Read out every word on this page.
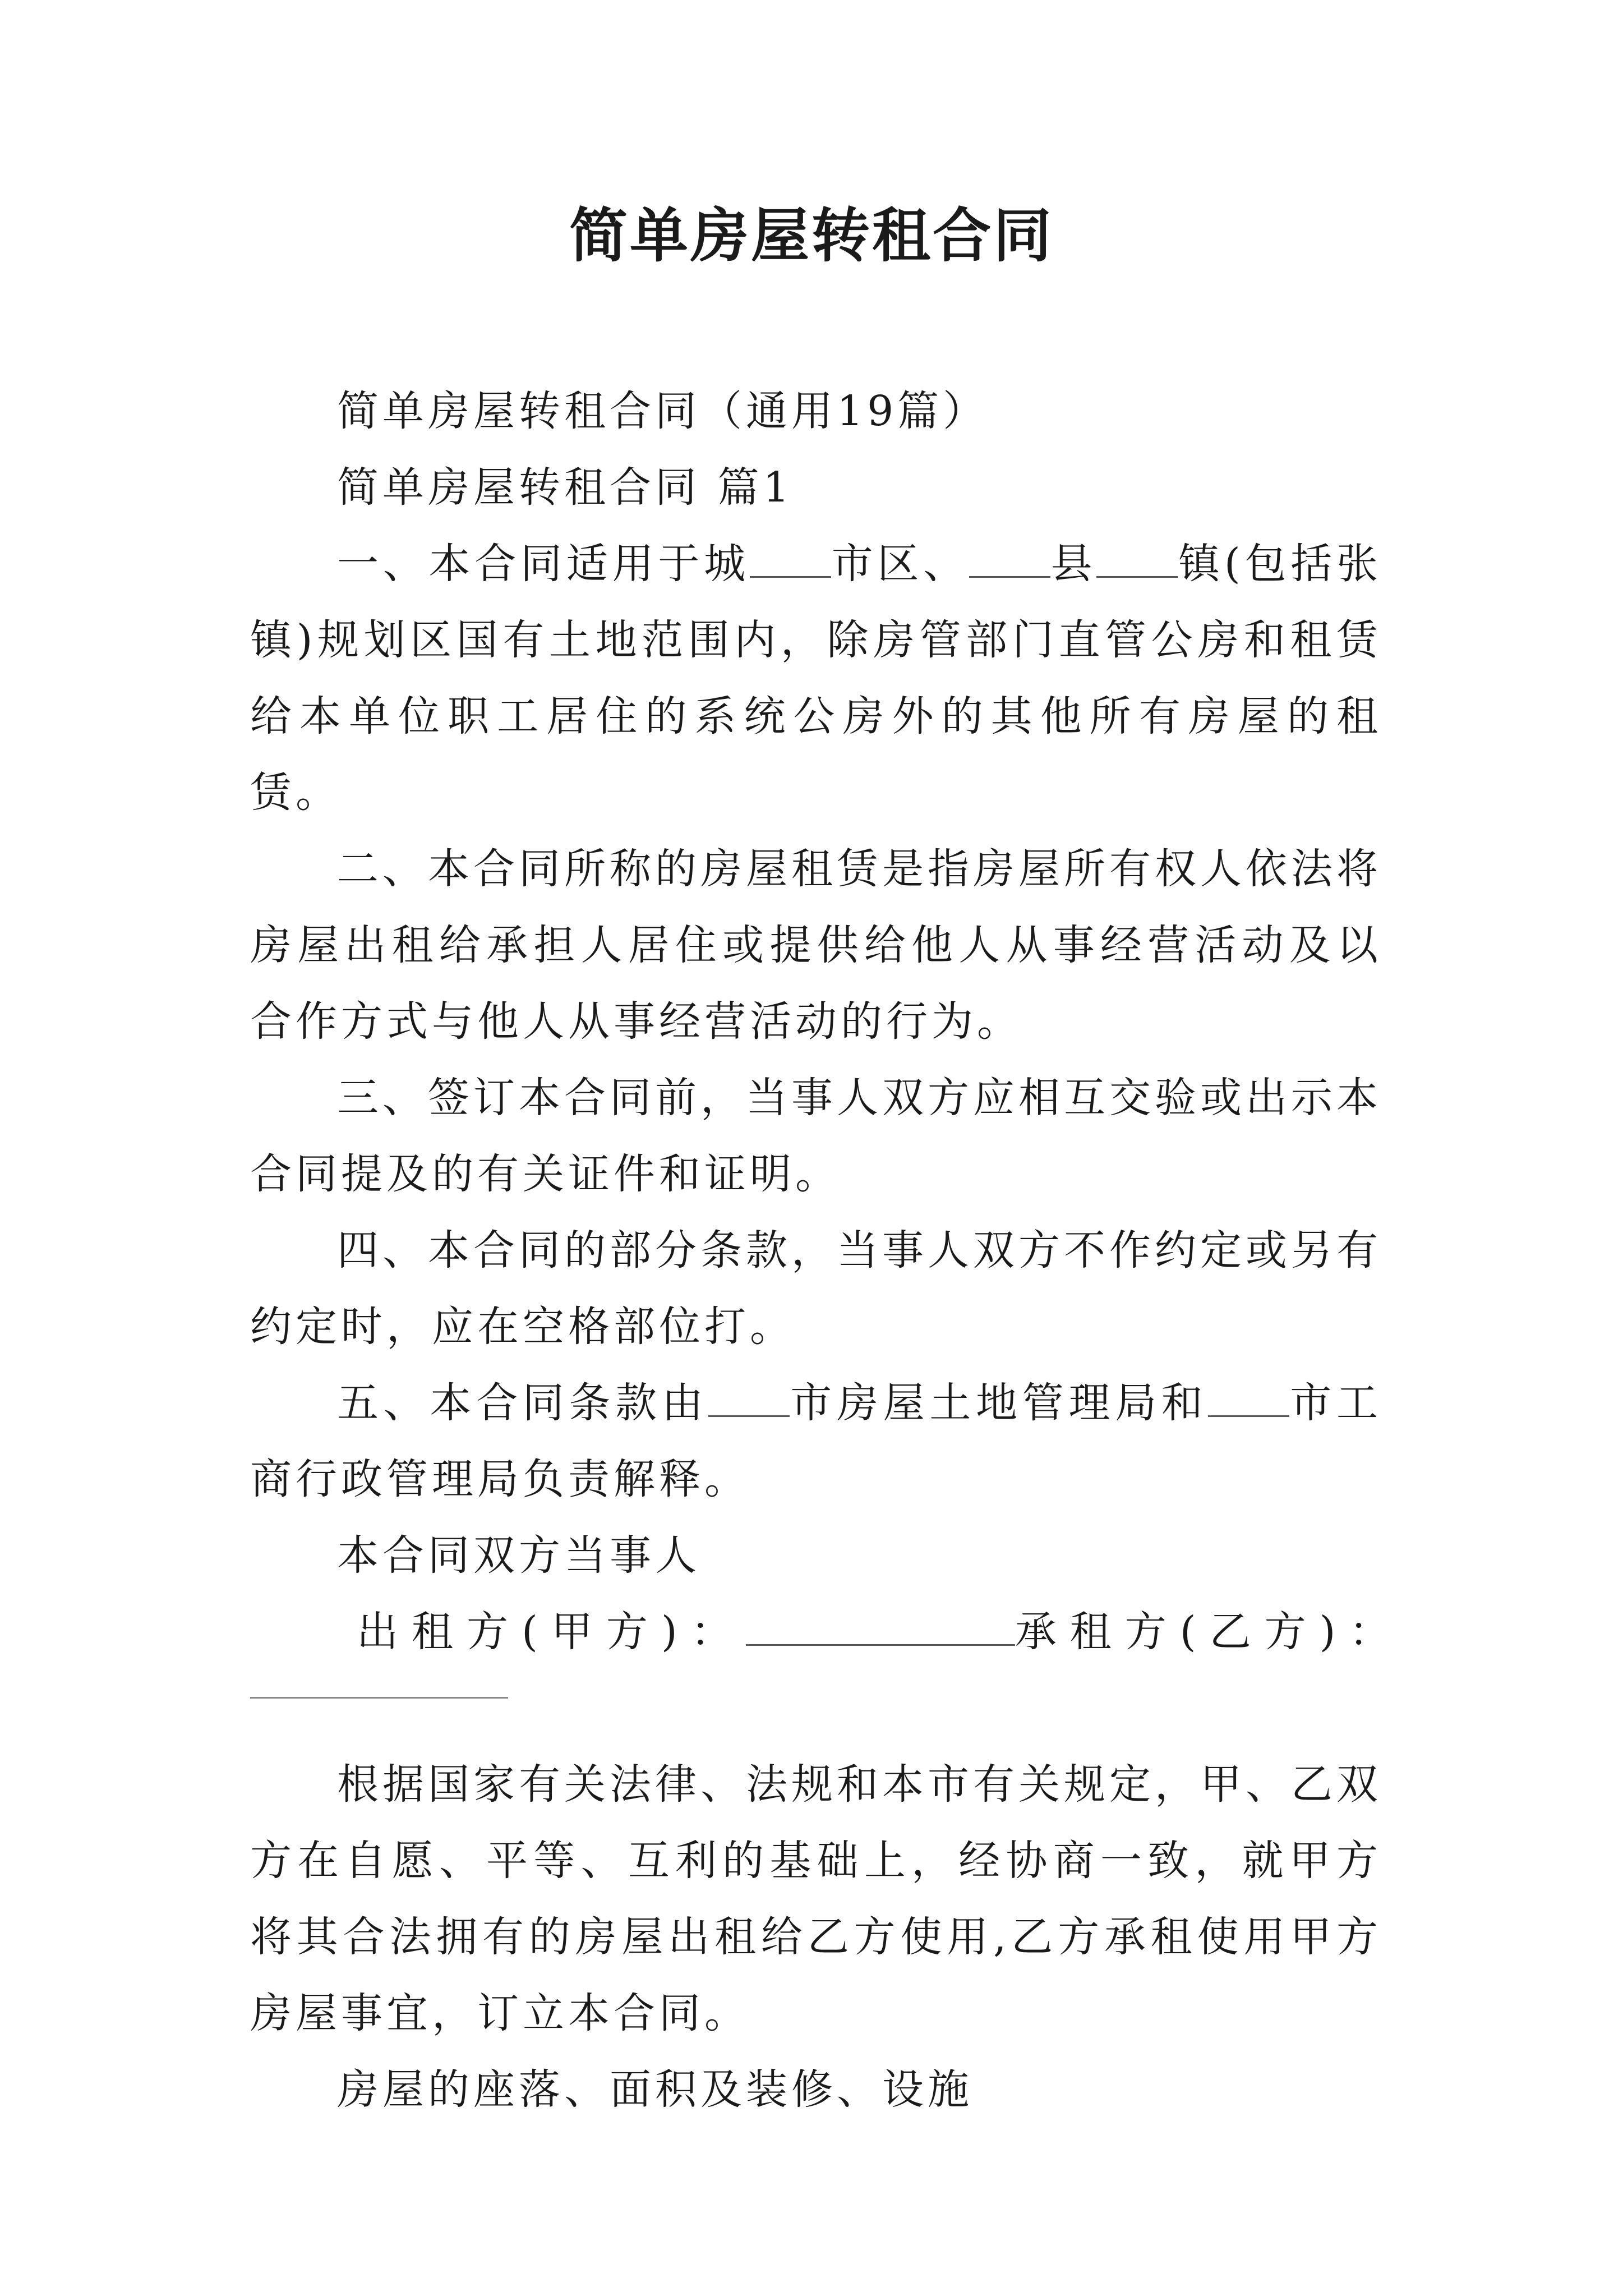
简单房屋转租合同

简单房屋转租合同（通用19篇）

简单房屋转租合同 篇1

一、本合同适用于城 市区、 县 镇(包括张镇)规划区国有土地范围内，除房管部门直管公房和租赁给本单位职工居住的系统公房外的其他所有房屋的租赁。

二、本合同所称的房屋租赁是指房屋所有权人依法将房屋出租给承担人居住或提供给他人从事经营活动及以合作方式与他人从事经营活动的行为。

三、签订本合同前，当事人双方应相互交验或出示本合同提及的有关证件和证明。

四、本合同的部分条款，当事人双方不作约定或另有约定时，应在空格部位打。

五、本合同条款由 市房屋土地管理局和 市工商行政管理局负责解释。

本合同双方当事人

出租方(甲方)：	承租方(乙方)：

根据国家有关法律、法规和本市有关规定，甲、乙双方在自愿、平等、互利的基础上，经协商一致，就甲方将其合法拥有的房屋出租给乙方使用,乙方承租使用甲方房屋事宜，订立本合同。

房屋的座落、面积及装修、设施
